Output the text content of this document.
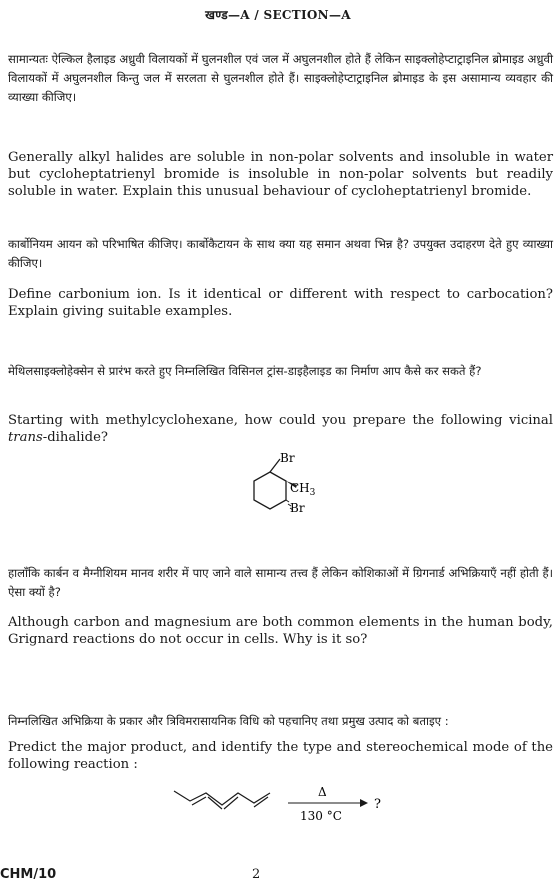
खण्ड—A / SECTION—A
सामान्यतः ऐल्किल हैलाइड अध्रुवी विलायकों में घुलनशील एवं जल में अघुलनशील होते हैं लेकिन साइक्लोहेप्टाट्राइनिल ब्रोमाइड अध्रुवी विलायकों में अघुलनशील किन्तु जल में सरलता से घुलनशील होते हैं। साइक्लोहेप्टाट्राइनिल ब्रोमाइड के इस असामान्य व्यवहार की व्याख्या कीजिए।
Generally alkyl halides are soluble in non-polar solvents and insoluble in water but cycloheptatrienyl bromide is insoluble in non-polar solvents but readily soluble in water. Explain this unusual behaviour of cycloheptatrienyl bromide.
कार्बोनियम आयन को परिभाषित कीजिए। कार्बोकैटायन के साथ क्या यह समान अथवा भिन्न है? उपयुक्त उदाहरण देते हुए व्याख्या कीजिए।
Define carbonium ion. Is it identical or different with respect to carbocation? Explain giving suitable examples.
मेथिलसाइक्लोहेक्सेन से प्रारंभ करते हुए निम्नलिखित विसिनल ट्रांस-डाइहैलाइड का निर्माण आप कैसे कर सकते हैं?
Starting with methylcyclohexane, how could you prepare the following vicinal trans-dihalide?
Br
$CH_3$
Br
हालाँकि कार्बन व मैग्नीशियम मानव शरीर में पाए जाने वाले सामान्य तत्त्व हैं लेकिन कोशिकाओं में ग्रिगनार्ड अभिक्रियाएँ नहीं होती हैं। ऐसा क्यों है?
Although carbon and magnesium are both common elements in the human body, Grignard reactions do not occur in cells. Why is it so?
निम्नलिखित अभिक्रिया के प्रकार और त्रिविमरासायनिक विधि को पहचानिए तथा प्रमुख उत्पाद को बताइए :
Predict the major product, and identify the type and stereochemical mode of the following reaction :
Δ
130 °C
?
CHM/10	2
